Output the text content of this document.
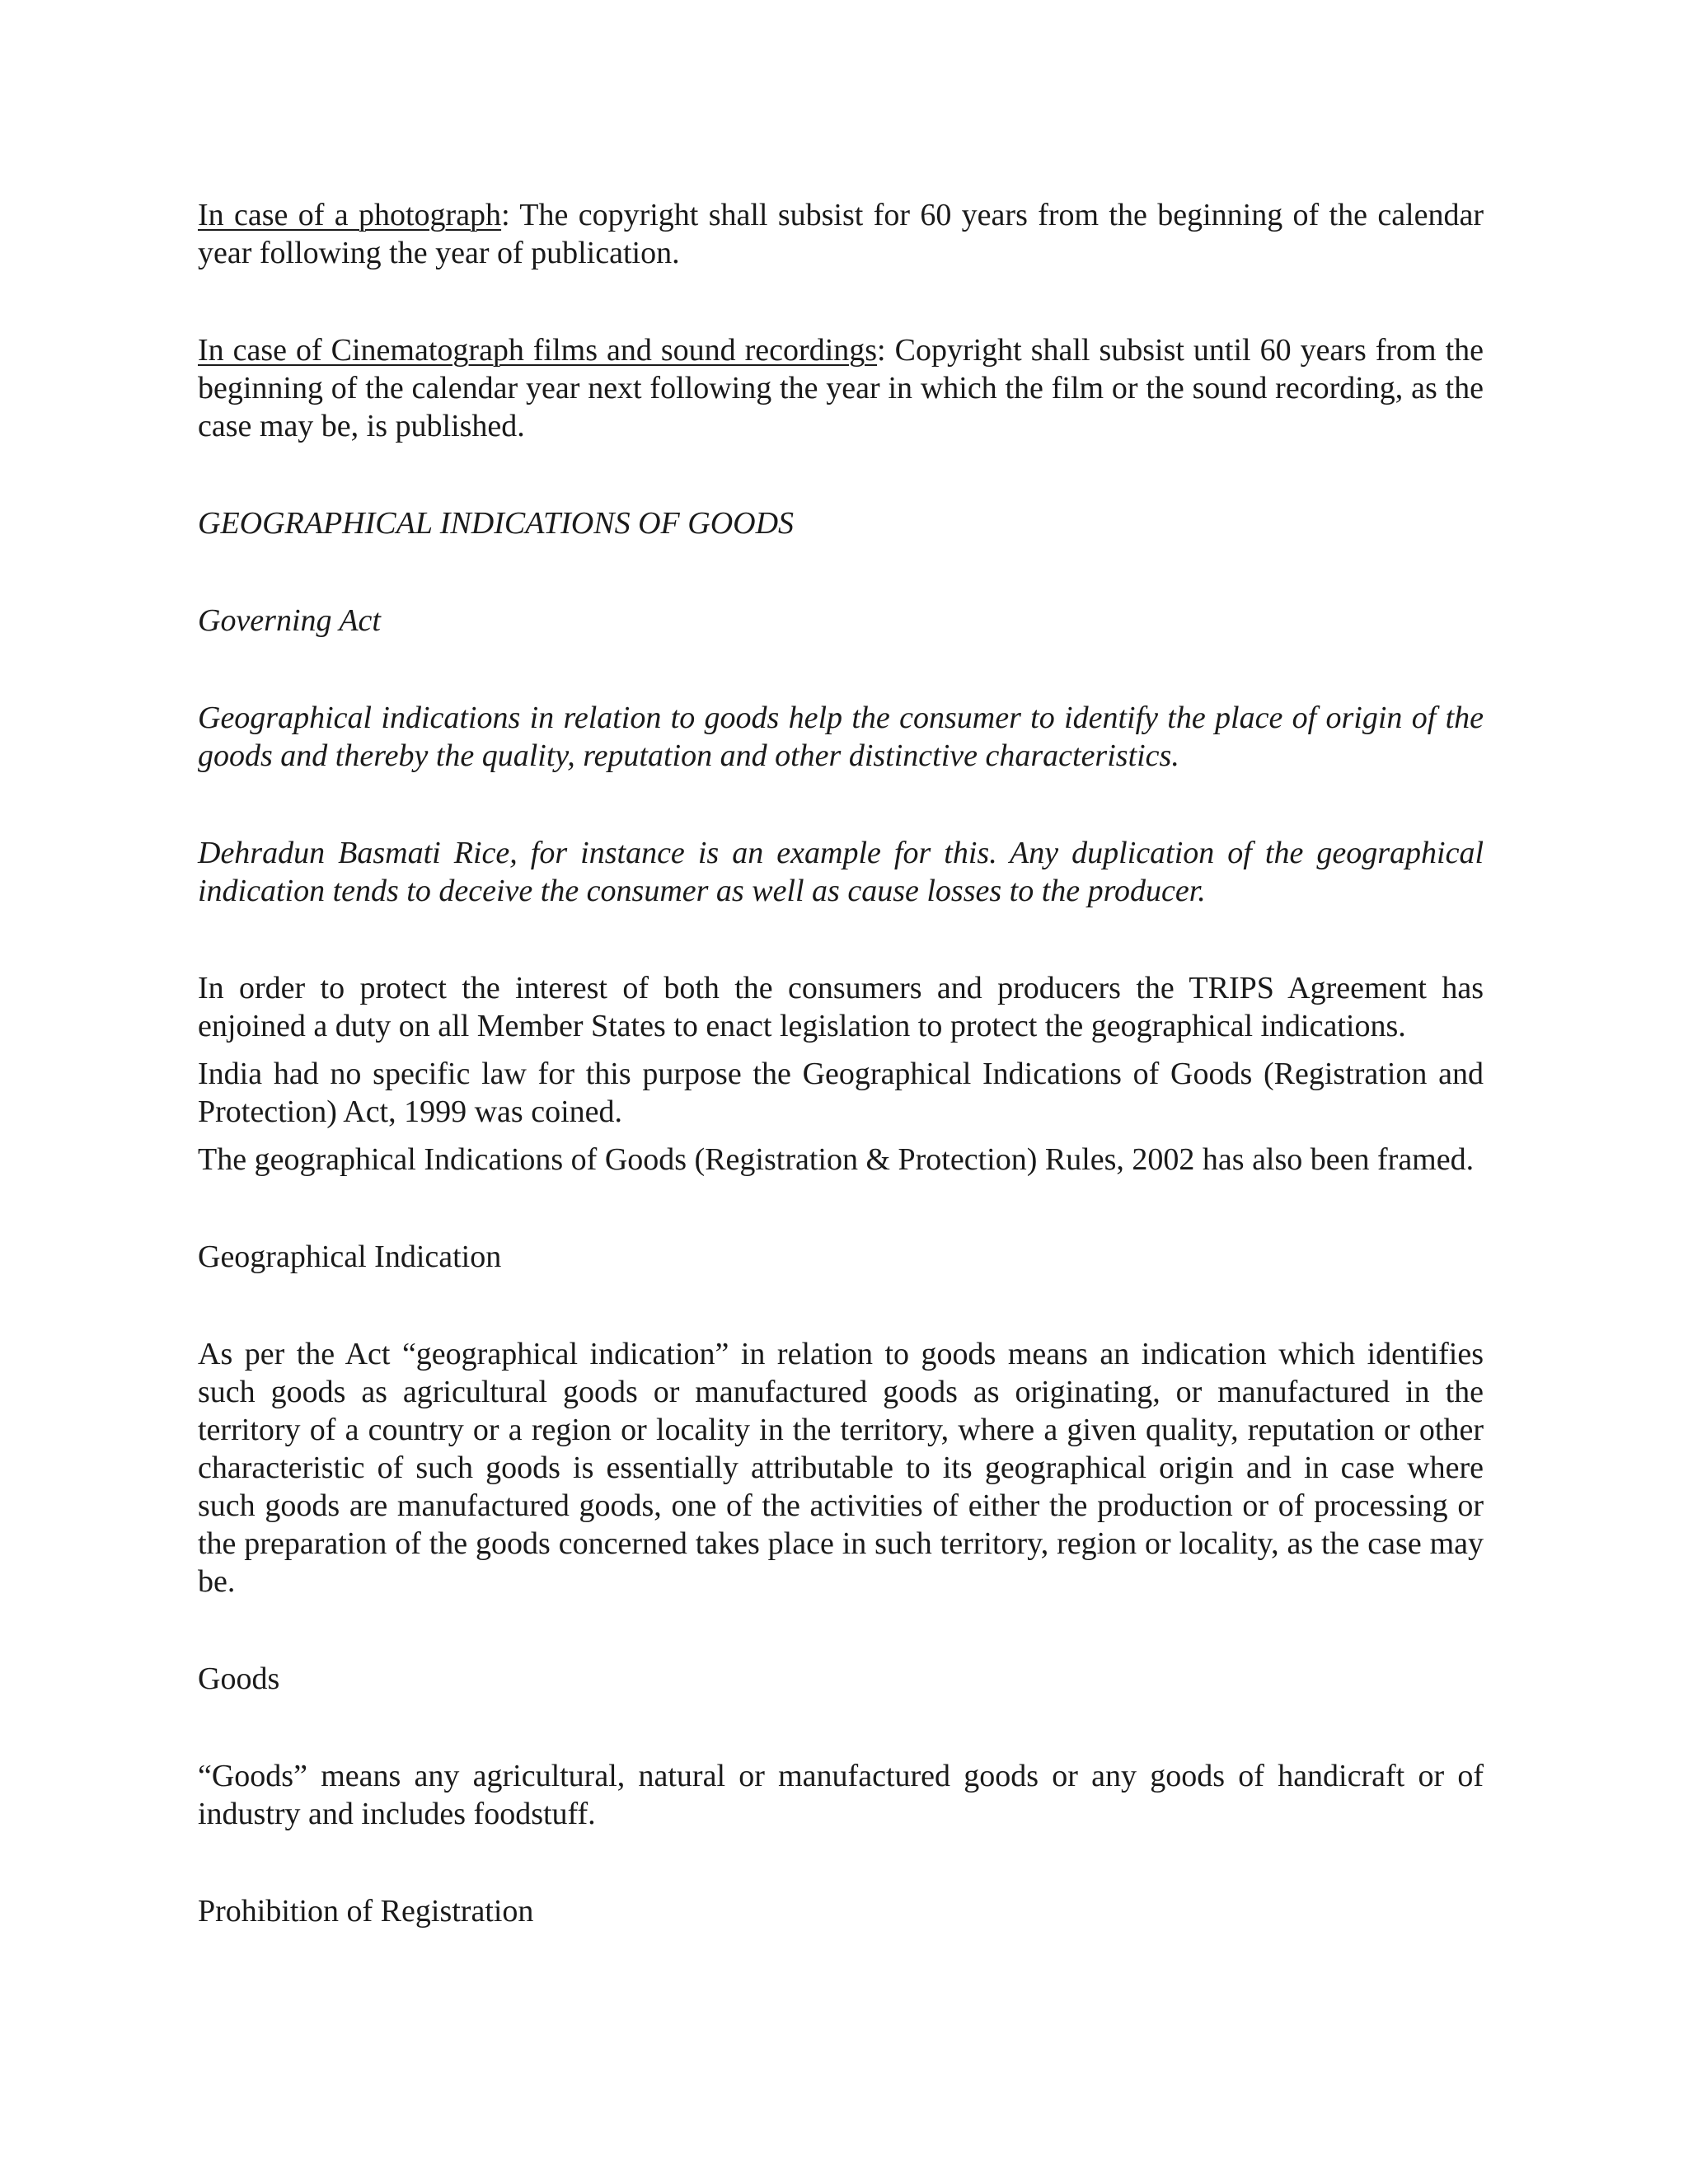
In case of a photograph: The copyright shall subsist for 60 years from the beginning of the calendar year following the year of publication.

In case of Cinematograph films and sound recordings: Copyright shall subsist until 60 years from the beginning of the calendar year next following the year in which the film or the sound recording, as the case may be, is published.

GEOGRAPHICAL INDICATIONS OF GOODS

Governing Act

Geographical indications in relation to goods help the consumer to identify the place of origin of the goods and thereby the quality, reputation and other distinctive characteristics.

Dehradun Basmati Rice, for instance is an example for this. Any duplication of the geographical indication tends to deceive the consumer as well as cause losses to the producer.

In order to protect the interest of both the consumers and producers the TRIPS Agreement has enjoined a duty on all Member States to enact legislation to protect the geographical indications.

India had no specific law for this purpose the Geographical Indications of Goods (Registration and Protection) Act, 1999 was coined.

The geographical Indications of Goods (Registration & Protection) Rules, 2002 has also been framed.

Geographical Indication

As per the Act “geographical indication” in relation to goods means an indication which identifies such goods as agricultural goods or manufactured goods as originating, or manufactured in the territory of a country or a region or locality in the territory, where a given quality, reputation or other characteristic of such goods is essentially attributable to its geographical origin and in case where such goods are manufactured goods, one of the activities of either the production or of processing or the preparation of the goods concerned takes place in such territory, region or locality, as the case may be.

Goods

“Goods” means any agricultural, natural or manufactured goods or any goods of handicraft or of industry and includes foodstuff.

Prohibition of Registration
